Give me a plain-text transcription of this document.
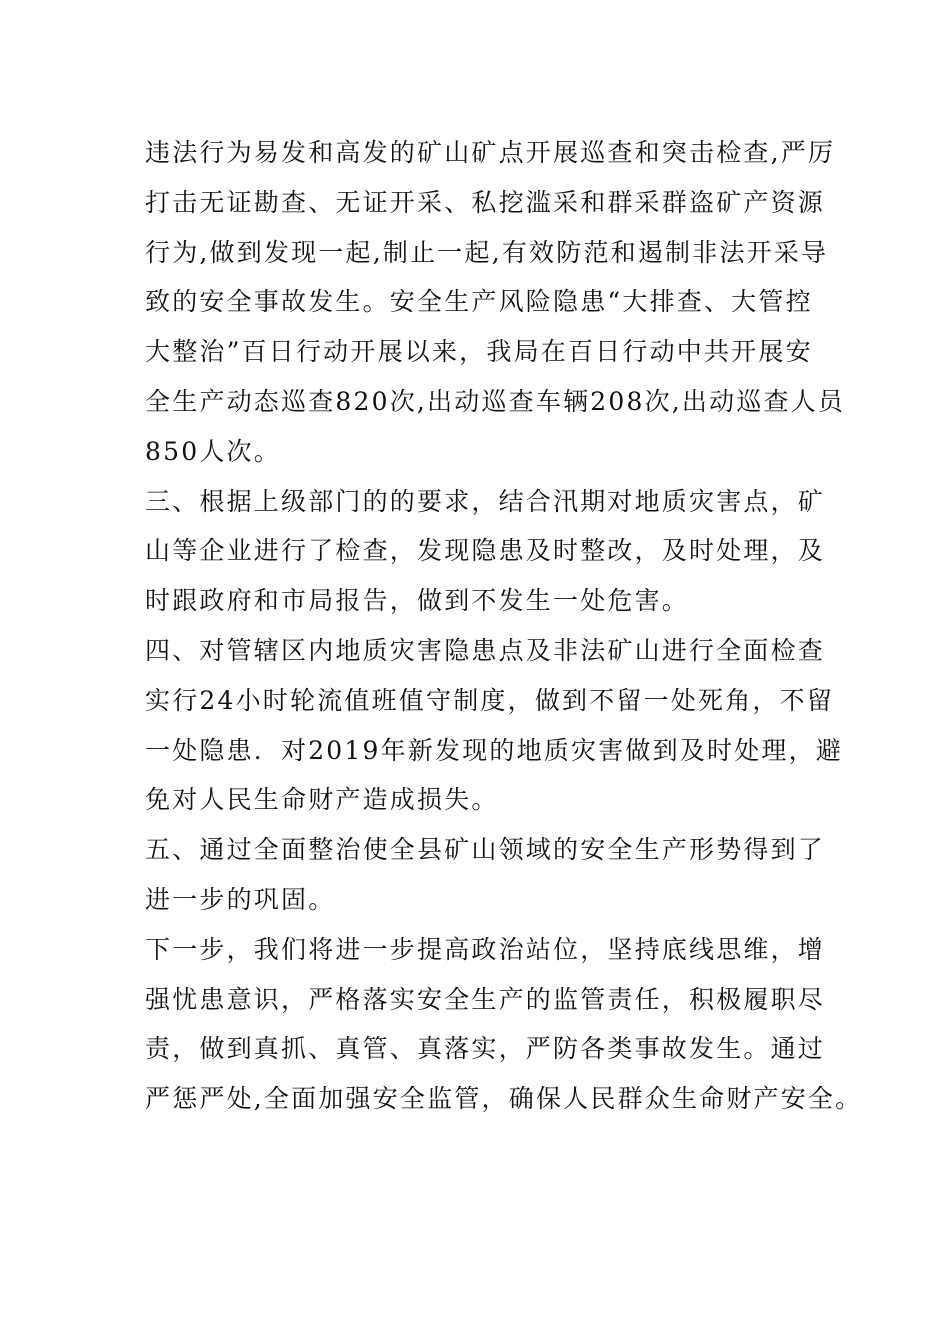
违法行为易发和高发的矿山矿点开展巡查和突击检查,严厉
打击无证勘查、无证开采、私挖滥采和群采群盗矿产资源
行为,做到发现一起,制止一起,有效防范和遏制非法开采导
致的安全事故发生。安全生产风险隐患“大排查、大管控
大整治”百日行动开展以来，我局在百日行动中共开展安
全生产动态巡查820次,出动巡查车辆208次,出动巡查人员
850人次。
三、根据上级部门的的要求，结合汛期对地质灾害点，矿
山等企业进行了检查，发现隐患及时整改，及时处理，及
时跟政府和市局报告，做到不发生一处危害。
四、对管辖区内地质灾害隐患点及非法矿山进行全面检查
实行24小时轮流值班值守制度，做到不留一处死角，不留
一处隐患．对2019年新发现的地质灾害做到及时处理，避
免对人民生命财产造成损失。
五、通过全面整治使全县矿山领域的安全生产形势得到了
进一步的巩固。
下一步，我们将进一步提高政治站位，坚持底线思维，增
强忧患意识，严格落实安全生产的监管责任，积极履职尽
责，做到真抓、真管、真落实，严防各类事故发生。通过
严惩严处,全面加强安全监管，确保人民群众生命财产安全。
